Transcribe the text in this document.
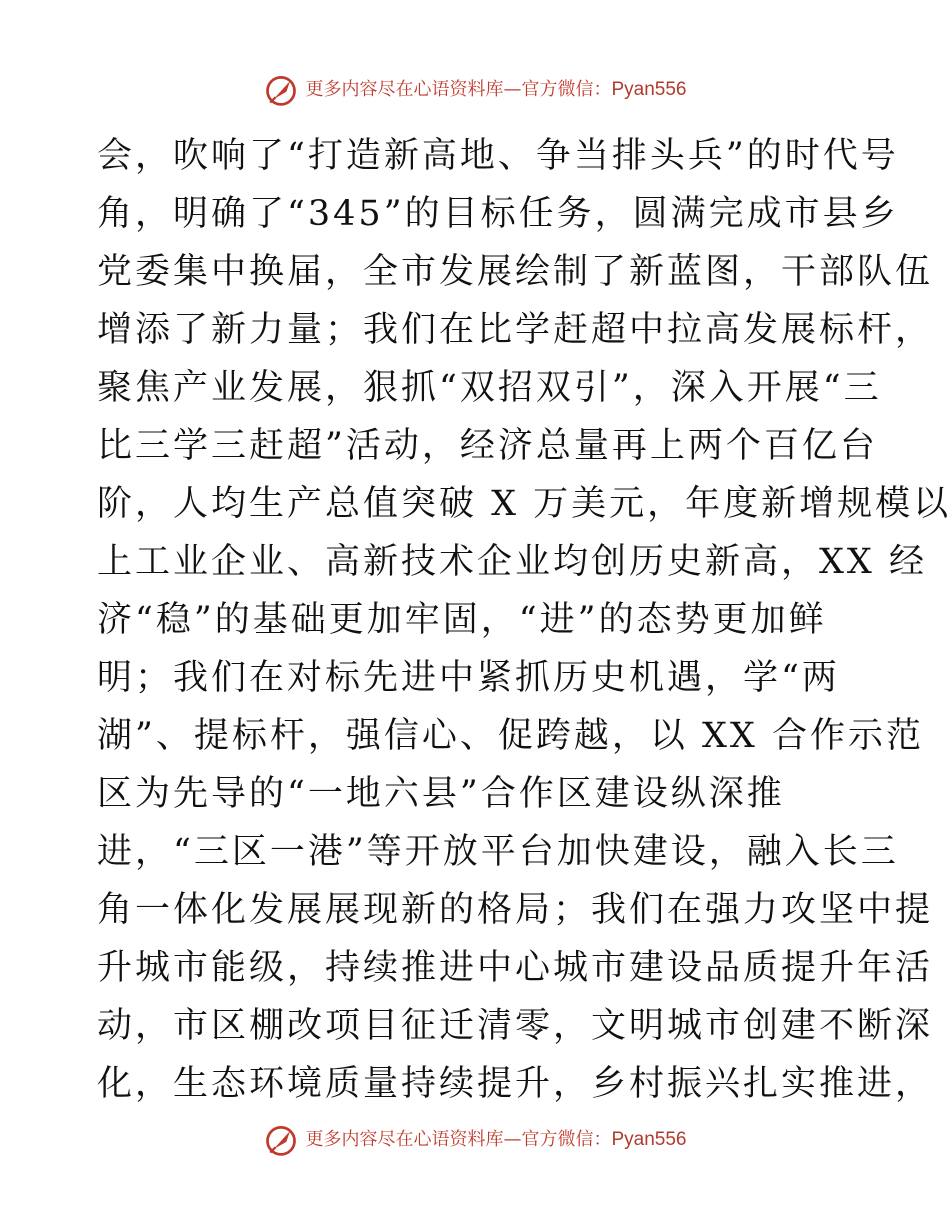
更多内容尽在心语资料库 — 官方微信： Pyan556
会，吹响了“打造新高地、争当排头兵”的时代号
角，明确了“345”的目标任务，圆满完成市县乡
党委集中换届，全市发展绘制了新蓝图，干部队伍
增添了新力量；我们在比学赶超中拉高发展标杆，
聚焦产业发展，狠抓“双招双引”，深入开展“三
比三学三赶超”活动，经济总量再上两个百亿台
阶，人均生产总值突破 X 万美元，年度新增规模以
上工业企业、高新技术企业均创历史新高，XX 经
济“稳”的基础更加牢固，“进”的态势更加鲜
明；我们在对标先进中紧抓历史机遇，学“两
湖”、提标杆，强信心、促跨越，以 XX 合作示范
区为先导的“一地六县”合作区建设纵深推
进，“三区一港”等开放平台加快建设，融入长三
角一体化发展展现新的格局；我们在强力攻坚中提
升城市能级，持续推进中心城市建设品质提升年活
动，市区棚改项目征迁清零，文明城市创建不断深
化，生态环境质量持续提升，乡村振兴扎实推进，
更多内容尽在心语资料库 — 官方微信： Pyan556
